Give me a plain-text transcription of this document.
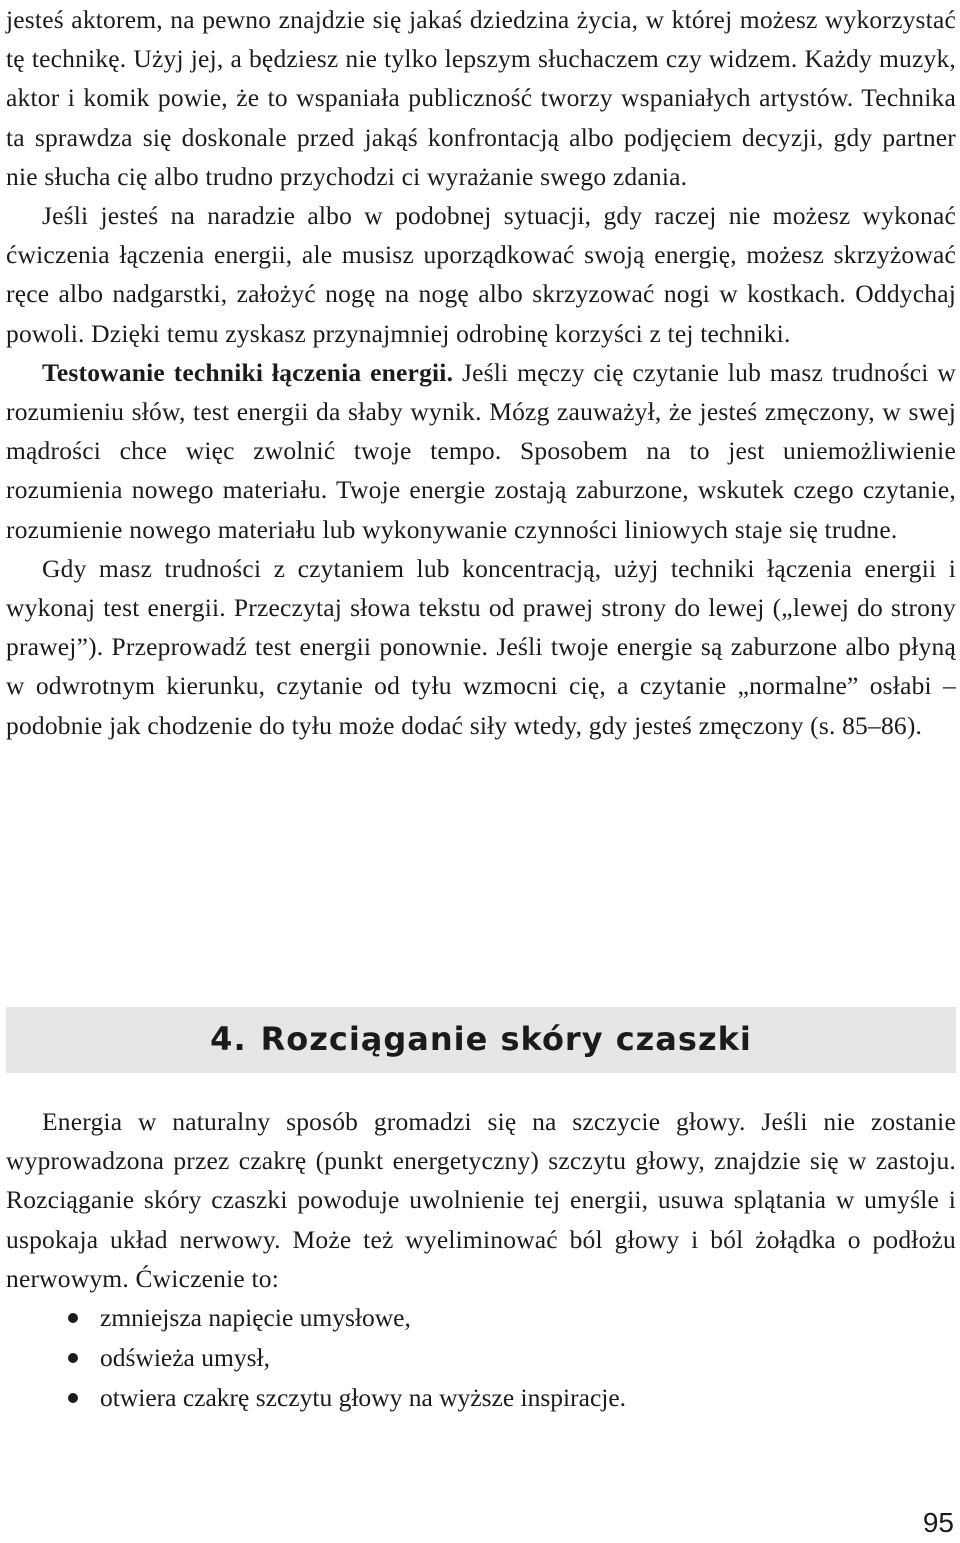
jesteś aktorem, na pewno znajdzie się jakaś dziedzina życia, w której możesz wykorzystać tę technikę. Użyj jej, a będziesz nie tylko lepszym słuchaczem czy widzem. Każdy muzyk, aktor i komik powie, że to wspaniała publiczność tworzy wspaniałych artystów. Technika ta sprawdza się doskonale przed jakąś konfrontacją albo podjęciem decyzji, gdy partner nie słucha cię albo trudno przychodzi ci wyrażanie swego zdania.

Jeśli jesteś na naradzie albo w podobnej sytuacji, gdy raczej nie możesz wykonać ćwiczenia łączenia energii, ale musisz uporządkować swoją energię, możesz skrzyżować ręce albo nadgarstki, założyć nogę na nogę albo skrzyzować nogi w kostkach. Oddychaj powoli. Dzięki temu zyskasz przynajmniej odrobinę korzyści z tej techniki.

Testowanie techniki łączenia energii. Jeśli męczy cię czytanie lub masz trudności w rozumieniu słów, test energii da słaby wynik. Mózg zauważył, że jesteś zmęczony, w swej mądrości chce więc zwolnić twoje tempo. Sposobem na to jest uniemożliwienie rozumienia nowego materiału. Twoje energie zostają zaburzone, wskutek czego czytanie, rozumienie nowego materiału lub wykonywanie czynności liniowych staje się trudne.

Gdy masz trudności z czytaniem lub koncentracją, użyj techniki łączenia energii i wykonaj test energii. Przeczytaj słowa tekstu od prawej strony do lewej („lewej do strony prawej”). Przeprowadź test energii ponownie. Jeśli twoje energie są zaburzone albo płyną w odwrotnym kierunku, czytanie od tyłu wzmocni cię, a czytanie „normalne” osłabi – podobnie jak chodzenie do tyłu może dodać siły wtedy, gdy jesteś zmęczony (s. 85–86).

4. Rozciąganie skóry czaszki

Energia w naturalny sposób gromadzi się na szczycie głowy. Jeśli nie zostanie wyprowadzona przez czakrę (punkt energetyczny) szczytu głowy, znajdzie się w zastoju. Rozciąganie skóry czaszki powoduje uwolnienie tej energii, usuwa splątania w umyśle i uspokaja układ nerwowy. Może też wyeliminować ból głowy i ból żołądka o podłożu nerwowym. Ćwiczenie to:

zmniejsza napięcie umysłowe,
odświeża umysł,
otwiera czakrę szczytu głowy na wyższe inspiracje.
95
